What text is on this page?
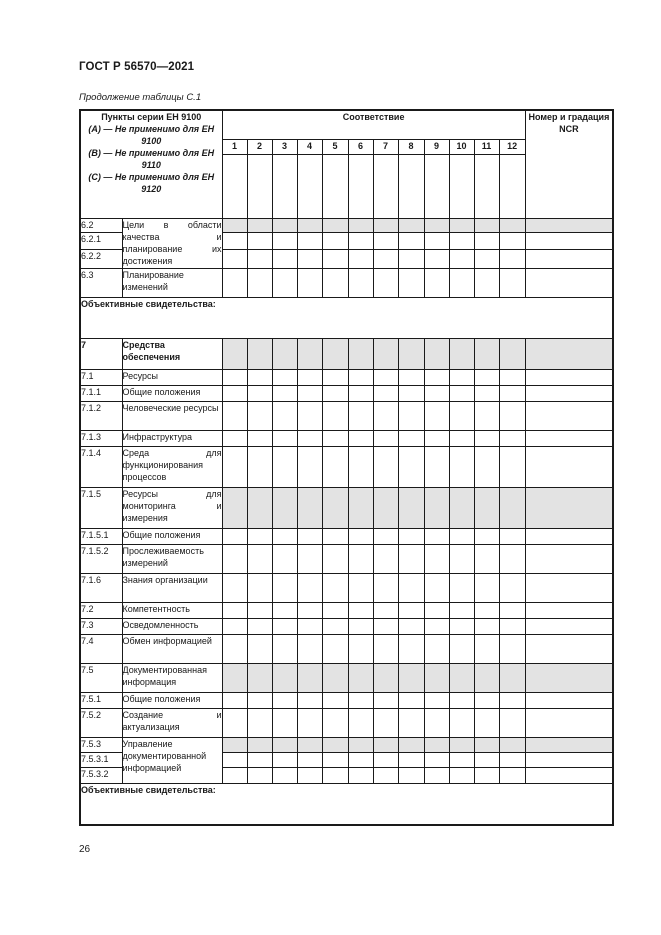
ГОСТ Р 56570—2021
Продолжение таблицы С.1
Пункты серии ЕН 9100
(А) — Не применимо для ЕН 9100
(В) — Не применимо для ЕН 9110
(С) — Не применимо для ЕН 9120		Соответствие												Номер и градация NCR
		1	2	3	4	5	6	7	8	9	10	11	12	

6.2	Цели в области качества и планирование их достижения													
6.2.1														
6.2.2														
6.3	Планирование изменений													
Объективные свидетельства:														
7	Средства обеспечения													
7.1	Ресурсы													
7.1.1	Общие положения													
7.1.2	Человеческие ресурсы													
7.1.3	Инфраструктура													
7.1.4	Среда для функционирования процессов													
7.1.5	Ресурсы для мониторинга и измерения													
7.1.5.1	Общие положения													
7.1.5.2	Прослеживаемость измерений													
7.1.6	Знания организации													
7.2	Компетентность													
7.3	Осведомленность													
7.4	Обмен информацией													
7.5	Документированная информация													
7.5.1	Общие положения													
7.5.2	Создание и актуализация													
7.5.3	Управление документированной информацией													
7.5.3.1														
7.5.3.2														
Объективные свидетельства:														
26
